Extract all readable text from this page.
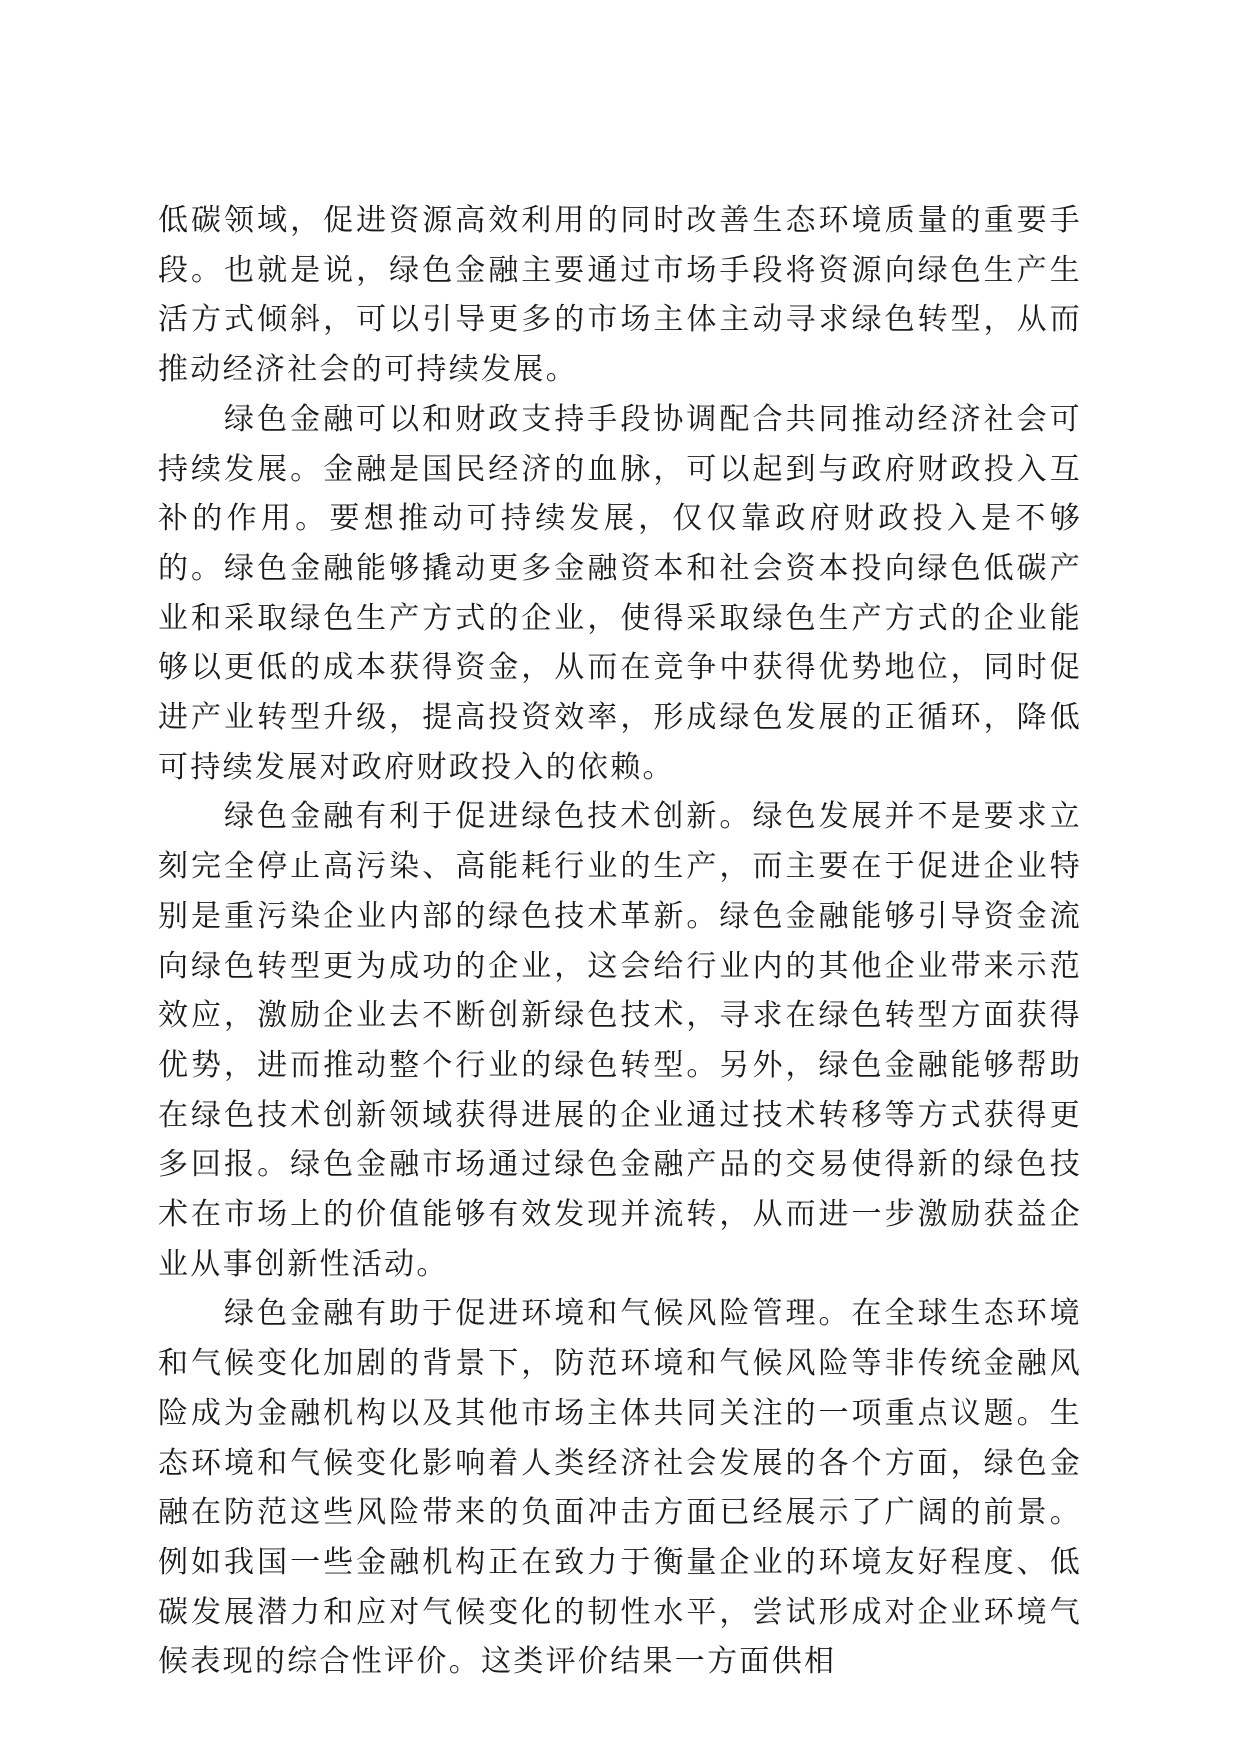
低碳领域，促进资源高效利用的同时改善生态环境质量的重要手段。也就是说，绿色金融主要通过市场手段将资源向绿色生产生活方式倾斜，可以引导更多的市场主体主动寻求绿色转型，从而推动经济社会的可持续发展。

绿色金融可以和财政支持手段协调配合共同推动经济社会可持续发展。金融是国民经济的血脉，可以起到与政府财政投入互补的作用。要想推动可持续发展，仅仅靠政府财政投入是不够的。绿色金融能够撬动更多金融资本和社会资本投向绿色低碳产业和采取绿色生产方式的企业，使得采取绿色生产方式的企业能够以更低的成本获得资金，从而在竞争中获得优势地位，同时促进产业转型升级，提高投资效率，形成绿色发展的正循环，降低可持续发展对政府财政投入的依赖。

绿色金融有利于促进绿色技术创新。绿色发展并不是要求立刻完全停止高污染、高能耗行业的生产，而主要在于促进企业特别是重污染企业内部的绿色技术革新。绿色金融能够引导资金流向绿色转型更为成功的企业，这会给行业内的其他企业带来示范效应，激励企业去不断创新绿色技术，寻求在绿色转型方面获得优势，进而推动整个行业的绿色转型。另外，绿色金融能够帮助在绿色技术创新领域获得进展的企业通过技术转移等方式获得更多回报。绿色金融市场通过绿色金融产品的交易使得新的绿色技术在市场上的价值能够有效发现并流转，从而进一步激励获益企业从事创新性活动。

绿色金融有助于促进环境和气候风险管理。在全球生态环境和气候变化加剧的背景下，防范环境和气候风险等非传统金融风险成为金融机构以及其他市场主体共同关注的一项重点议题。生态环境和气候变化影响着人类经济社会发展的各个方面，绿色金融在防范这些风险带来的负面冲击方面已经展示了广阔的前景。例如我国一些金融机构正在致力于衡量企业的环境友好程度、低碳发展潜力和应对气候变化的韧性水平，尝试形成对企业环境气候表现的综合性评价。这类评价结果一方面供相
